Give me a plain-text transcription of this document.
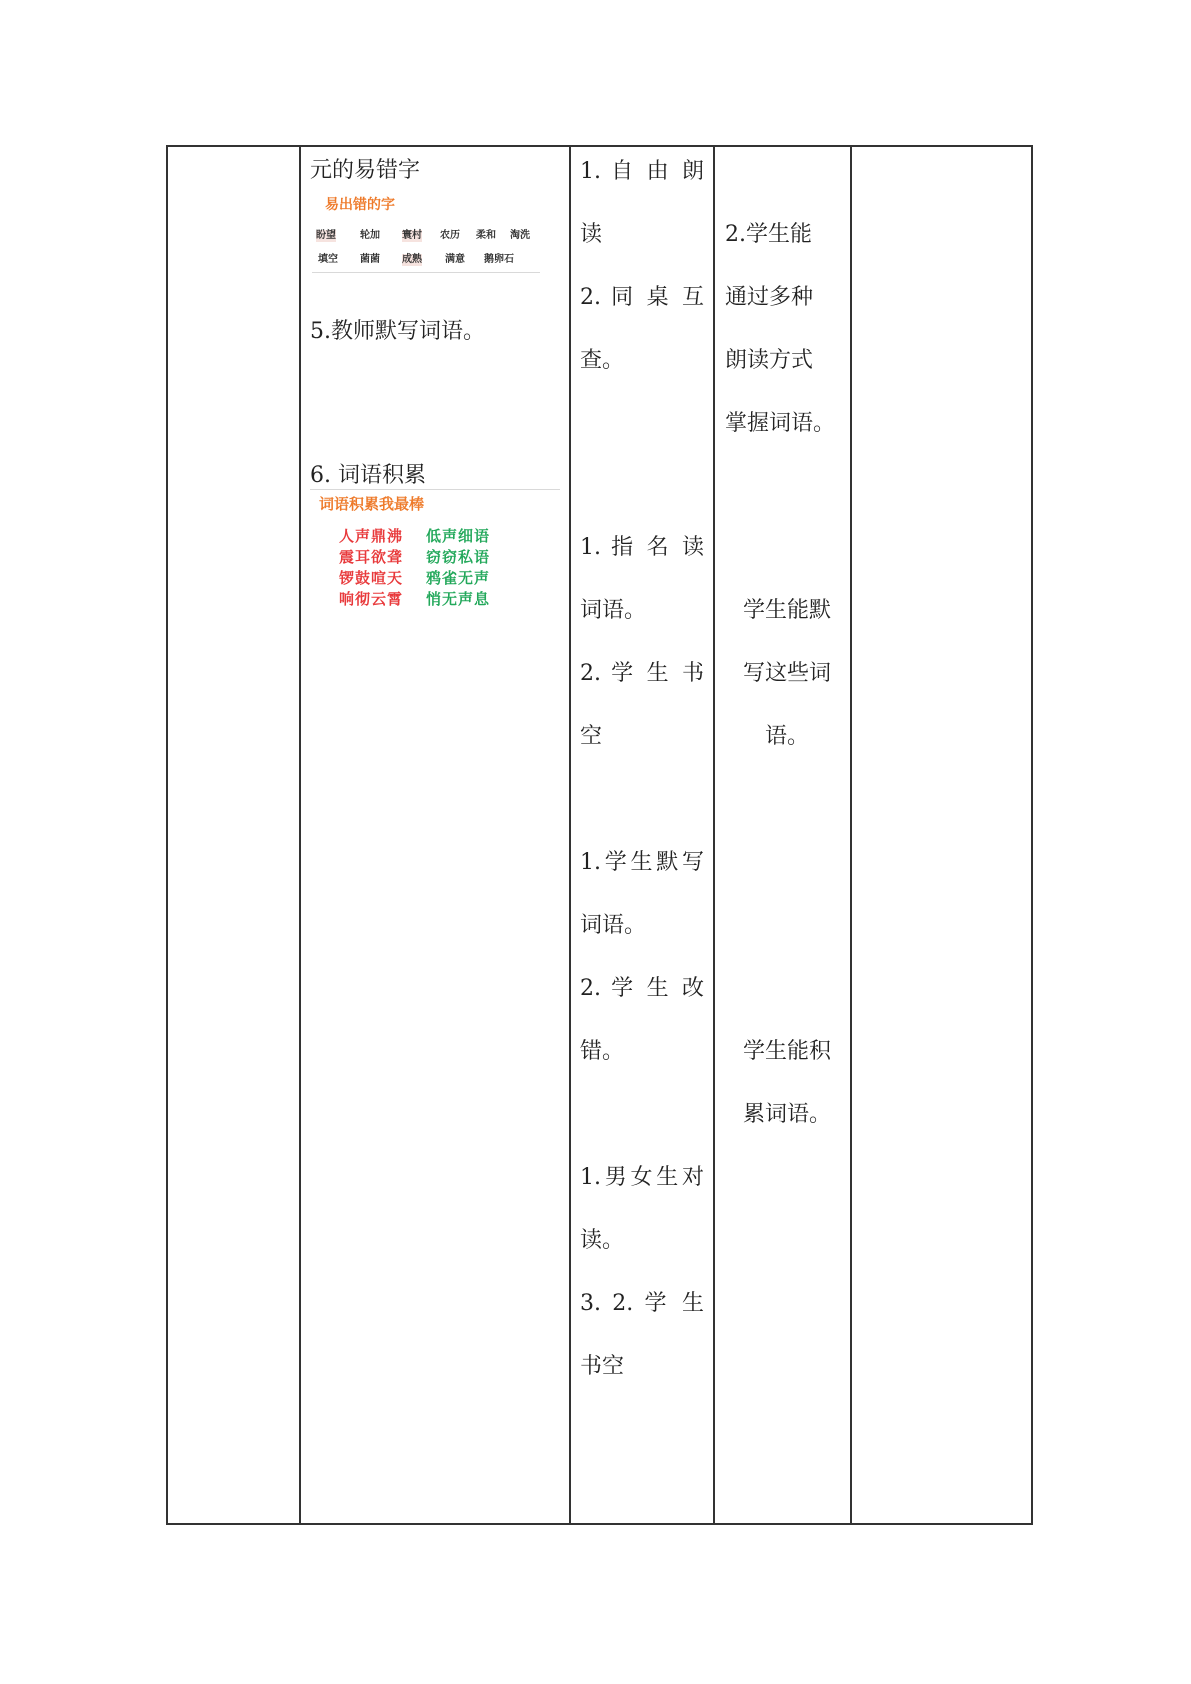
元的易错字
易出错的字
盼望 轮加 寰村 农历 柔和 淘洗
填空 菌菌 成熟 满意 鹅卵石
5.教师默写词语。
6. 词语积累
词语积累我最棒
人声鼎沸
震耳欲聋
锣鼓喧天
响彻云霄
低声细语
窃窃私语
鸦雀无声
悄无声息
1. 自 由 朗
读
2. 同 桌 互
查。
1. 指 名 读
词语。
2. 学 生 书
空
1.学生默写
词语。
2. 学 生 改
错。
1.男女生对
读。
3. 2. 学 生
书空
2.学生能
通过多种
朗读方式
掌握词语。
学生能默
写这些词
语。
学生能积
累词语。
